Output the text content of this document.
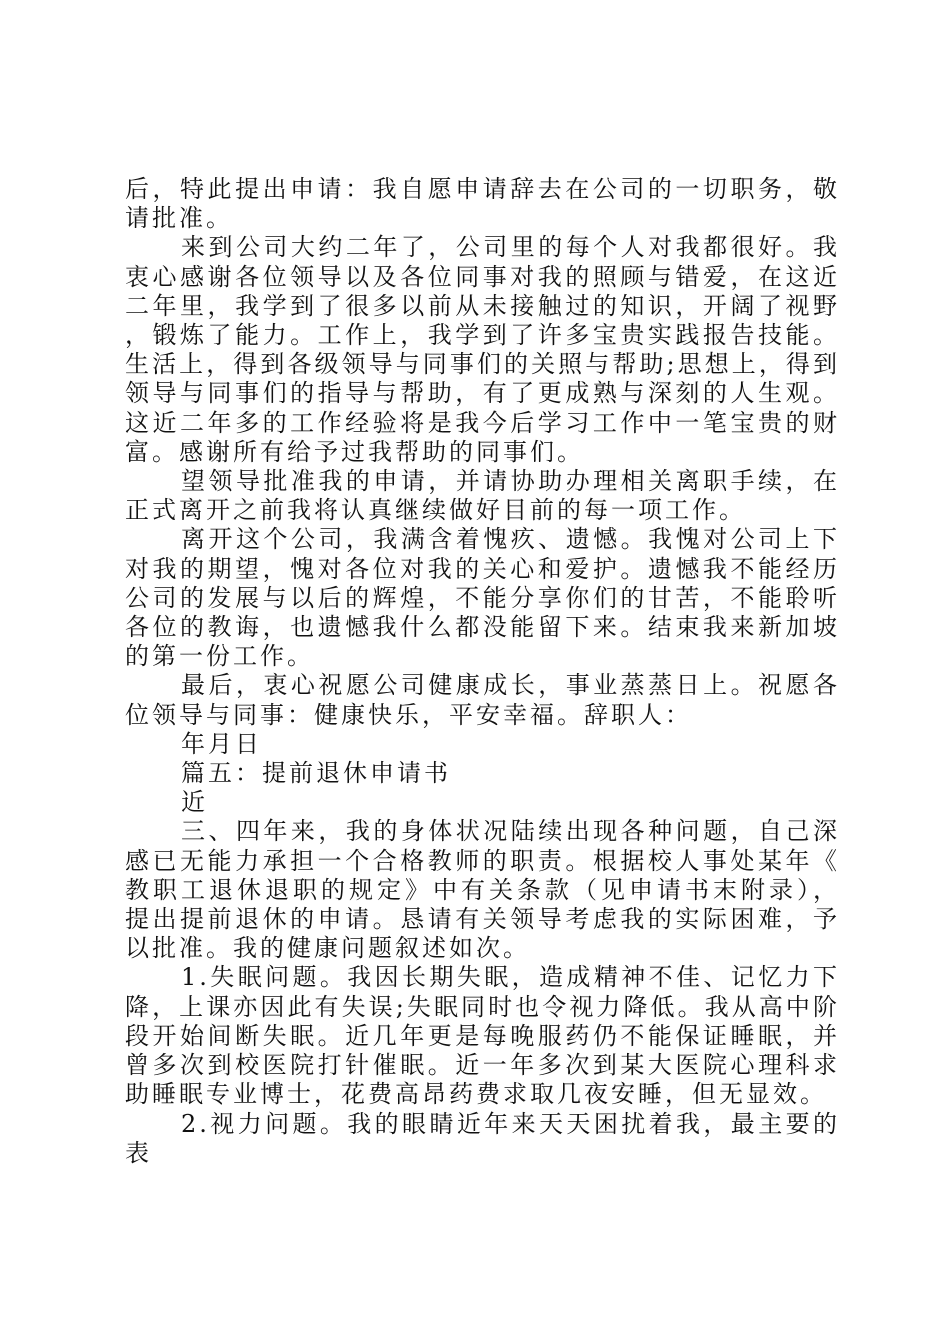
后，特此提出申请：我自愿申请辞去在公司的一切职务，敬请批准。

来到公司大约二年了，公司里的每个人对我都很好。我衷心感谢各位领导以及各位同事对我的照顾与错爱，在这近二年里，我学到了很多以前从未接触过的知识，开阔了视野，锻炼了能力。工作上，我学到了许多宝贵实践报告技能。生活上，得到各级领导与同事们的关照与帮助;思想上，得到领导与同事们的指导与帮助，有了更成熟与深刻的人生观。这近二年多的工作经验将是我今后学习工作中一笔宝贵的财富。感谢所有给予过我帮助的同事们。

望领导批准我的申请，并请协助办理相关离职手续，在正式离开之前我将认真继续做好目前的每一项工作。

离开这个公司，我满含着愧疚、遗憾。我愧对公司上下对我的期望，愧对各位对我的关心和爱护。遗憾我不能经历公司的发展与以后的辉煌，不能分享你们的甘苦，不能聆听各位的教诲，也遗憾我什么都没能留下来。结束我来新加坡的第一份工作。

最后，衷心祝愿公司健康成长，事业蒸蒸日上。祝愿各位领导与同事：健康快乐，平安幸福。辞职人：

年月日

篇五：提前退休申请书

近

三、四年来，我的身体状况陆续出现各种问题，自己深感已无能力承担一个合格教师的职责。根据校人事处某年《教职工退休退职的规定》中有关条款（见申请书末附录），提出提前退休的申请。恳请有关领导考虑我的实际困难，予以批准。我的健康问题叙述如次。

1.失眠问题。我因长期失眠，造成精神不佳、记忆力下降，上课亦因此有失误;失眠同时也令视力降低。我从高中阶段开始间断失眠。近几年更是每晚服药仍不能保证睡眠，并曾多次到校医院打针催眠。近一年多次到某大医院心理科求助睡眠专业博士，花费高昂药费求取几夜安睡，但无显效。

2.视力问题。我的眼睛近年来天天困扰着我，最主要的表
